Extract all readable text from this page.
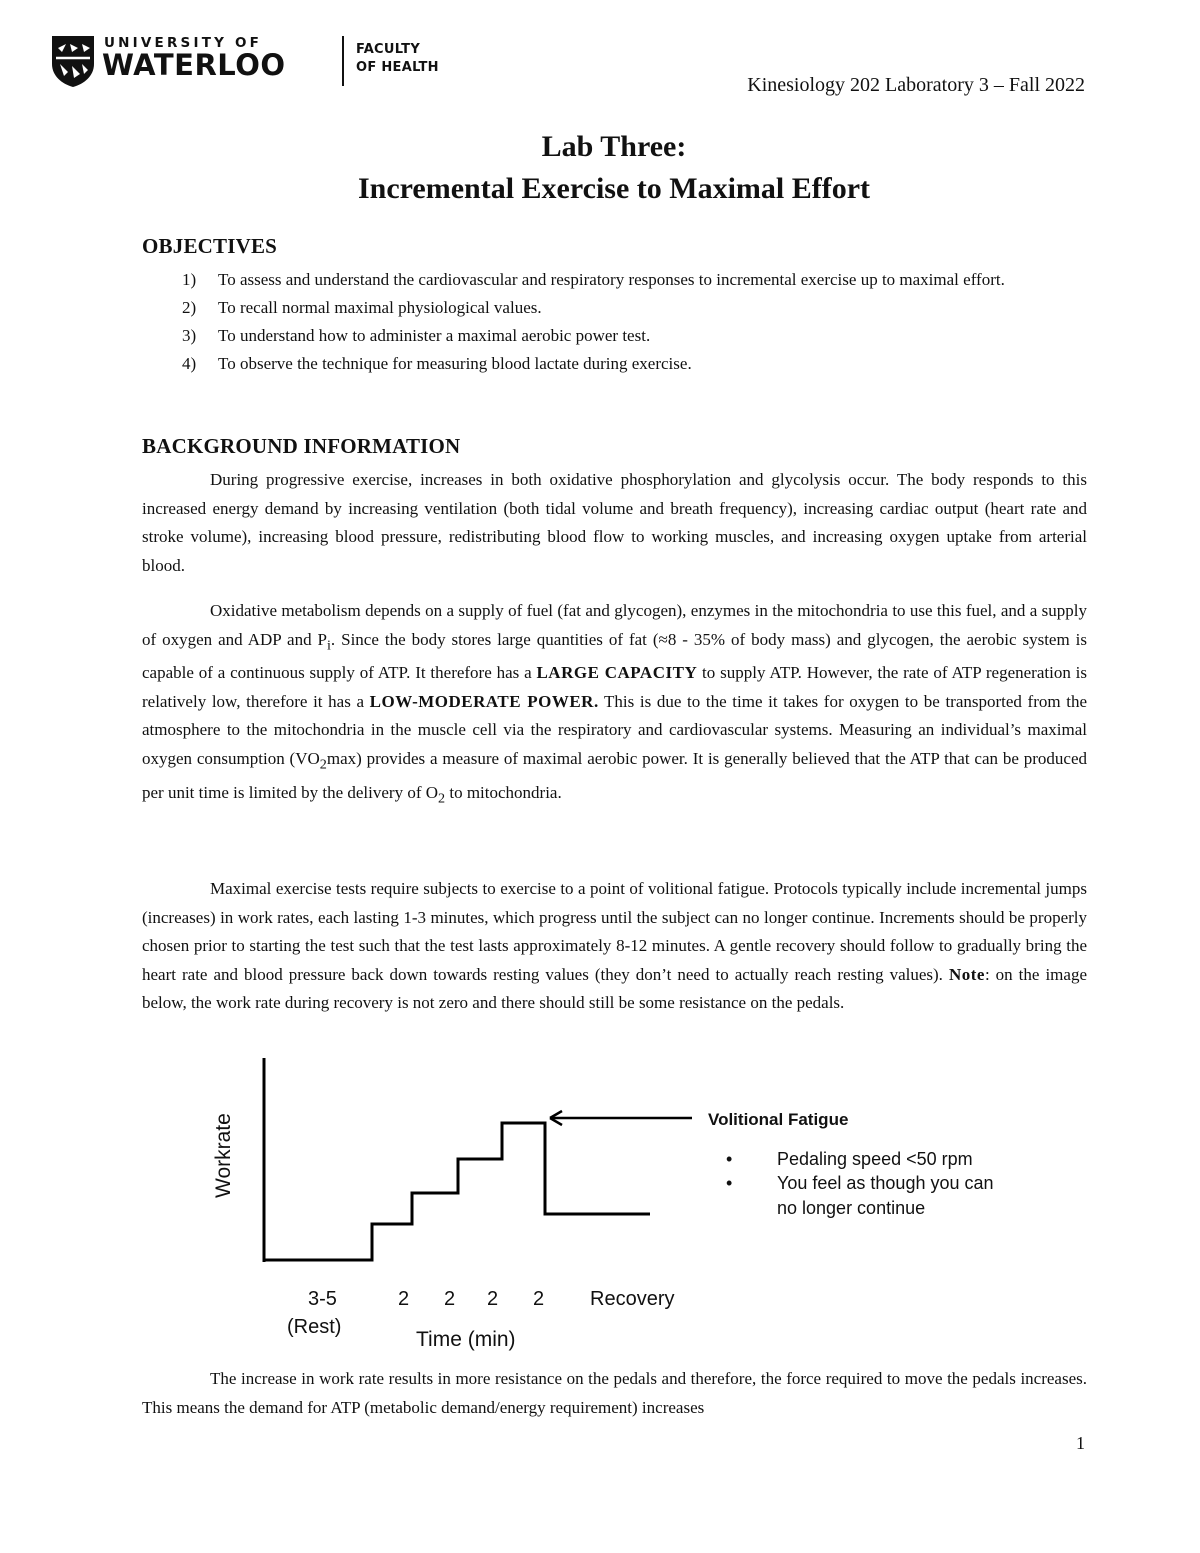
UNIVERSITY OF
WATERLOO	FACULTY
OF HEALTH
Kinesiology 202 Laboratory 3 – Fall 2022
Lab Three:
Incremental Exercise to Maximal Effort
OBJECTIVES
1) To assess and understand the cardiovascular and respiratory responses to incremental exercise up to maximal effort.
2) To recall normal maximal physiological values.
3) To understand how to administer a maximal aerobic power test.
4) To observe the technique for measuring blood lactate during exercise.
BACKGROUND INFORMATION

During progressive exercise, increases in both oxidative phosphorylation and glycolysis occur. The body responds to this increased energy demand by increasing ventilation (both tidal volume and breath frequency), increasing cardiac output (heart rate and stroke volume), increasing blood pressure, redistributing blood flow to working muscles, and increasing oxygen uptake from arterial blood.

Oxidative metabolism depends on a supply of fuel (fat and glycogen), enzymes in the mitochondria to use this fuel, and a supply of oxygen and ADP and $P_i$. Since the body stores large quantities of fat (≈8 - 35% of body mass) and glycogen, the aerobic system is capable of a continuous supply of ATP. It therefore has a LARGE CAPACITY to supply ATP. However, the rate of ATP regeneration is relatively low, therefore it has a LOW-MODERATE POWER. This is due to the time it takes for oxygen to be transported from the atmosphere to the mitochondria in the muscle cell via the respiratory and cardiovascular systems. Measuring an individual’s maximal oxygen consumption $(VO_2\max)$ provides a measure of maximal aerobic power. It is generally believed that the ATP that can be produced per unit time is limited by the delivery of $O_2$ to mitochondria.

Maximal exercise tests require subjects to exercise to a point of volitional fatigue. Protocols typically include incremental jumps (increases) in work rates, each lasting 1-3 minutes, which progress until the subject can no longer continue. Increments should be properly chosen prior to starting the test such that the test lasts approximately 8-12 minutes. A gentle recovery should follow to gradually bring the heart rate and blood pressure back down towards resting values (they don’t need to actually reach resting values). Note: on the image below, the work rate during recovery is not zero and there should still be some resistance on the pedals.

Workrate	Volitional Fatigue
• Pedaling speed <50 rpm
• You feel as though you can
no longer continue
3-5	2 2 2 2 Recovery
(Rest)
Time (min)

The increase in work rate results in more resistance on the pedals and therefore, the force required to move the pedals increases. This means the demand for ATP (metabolic demand/energy requirement) increases

1
